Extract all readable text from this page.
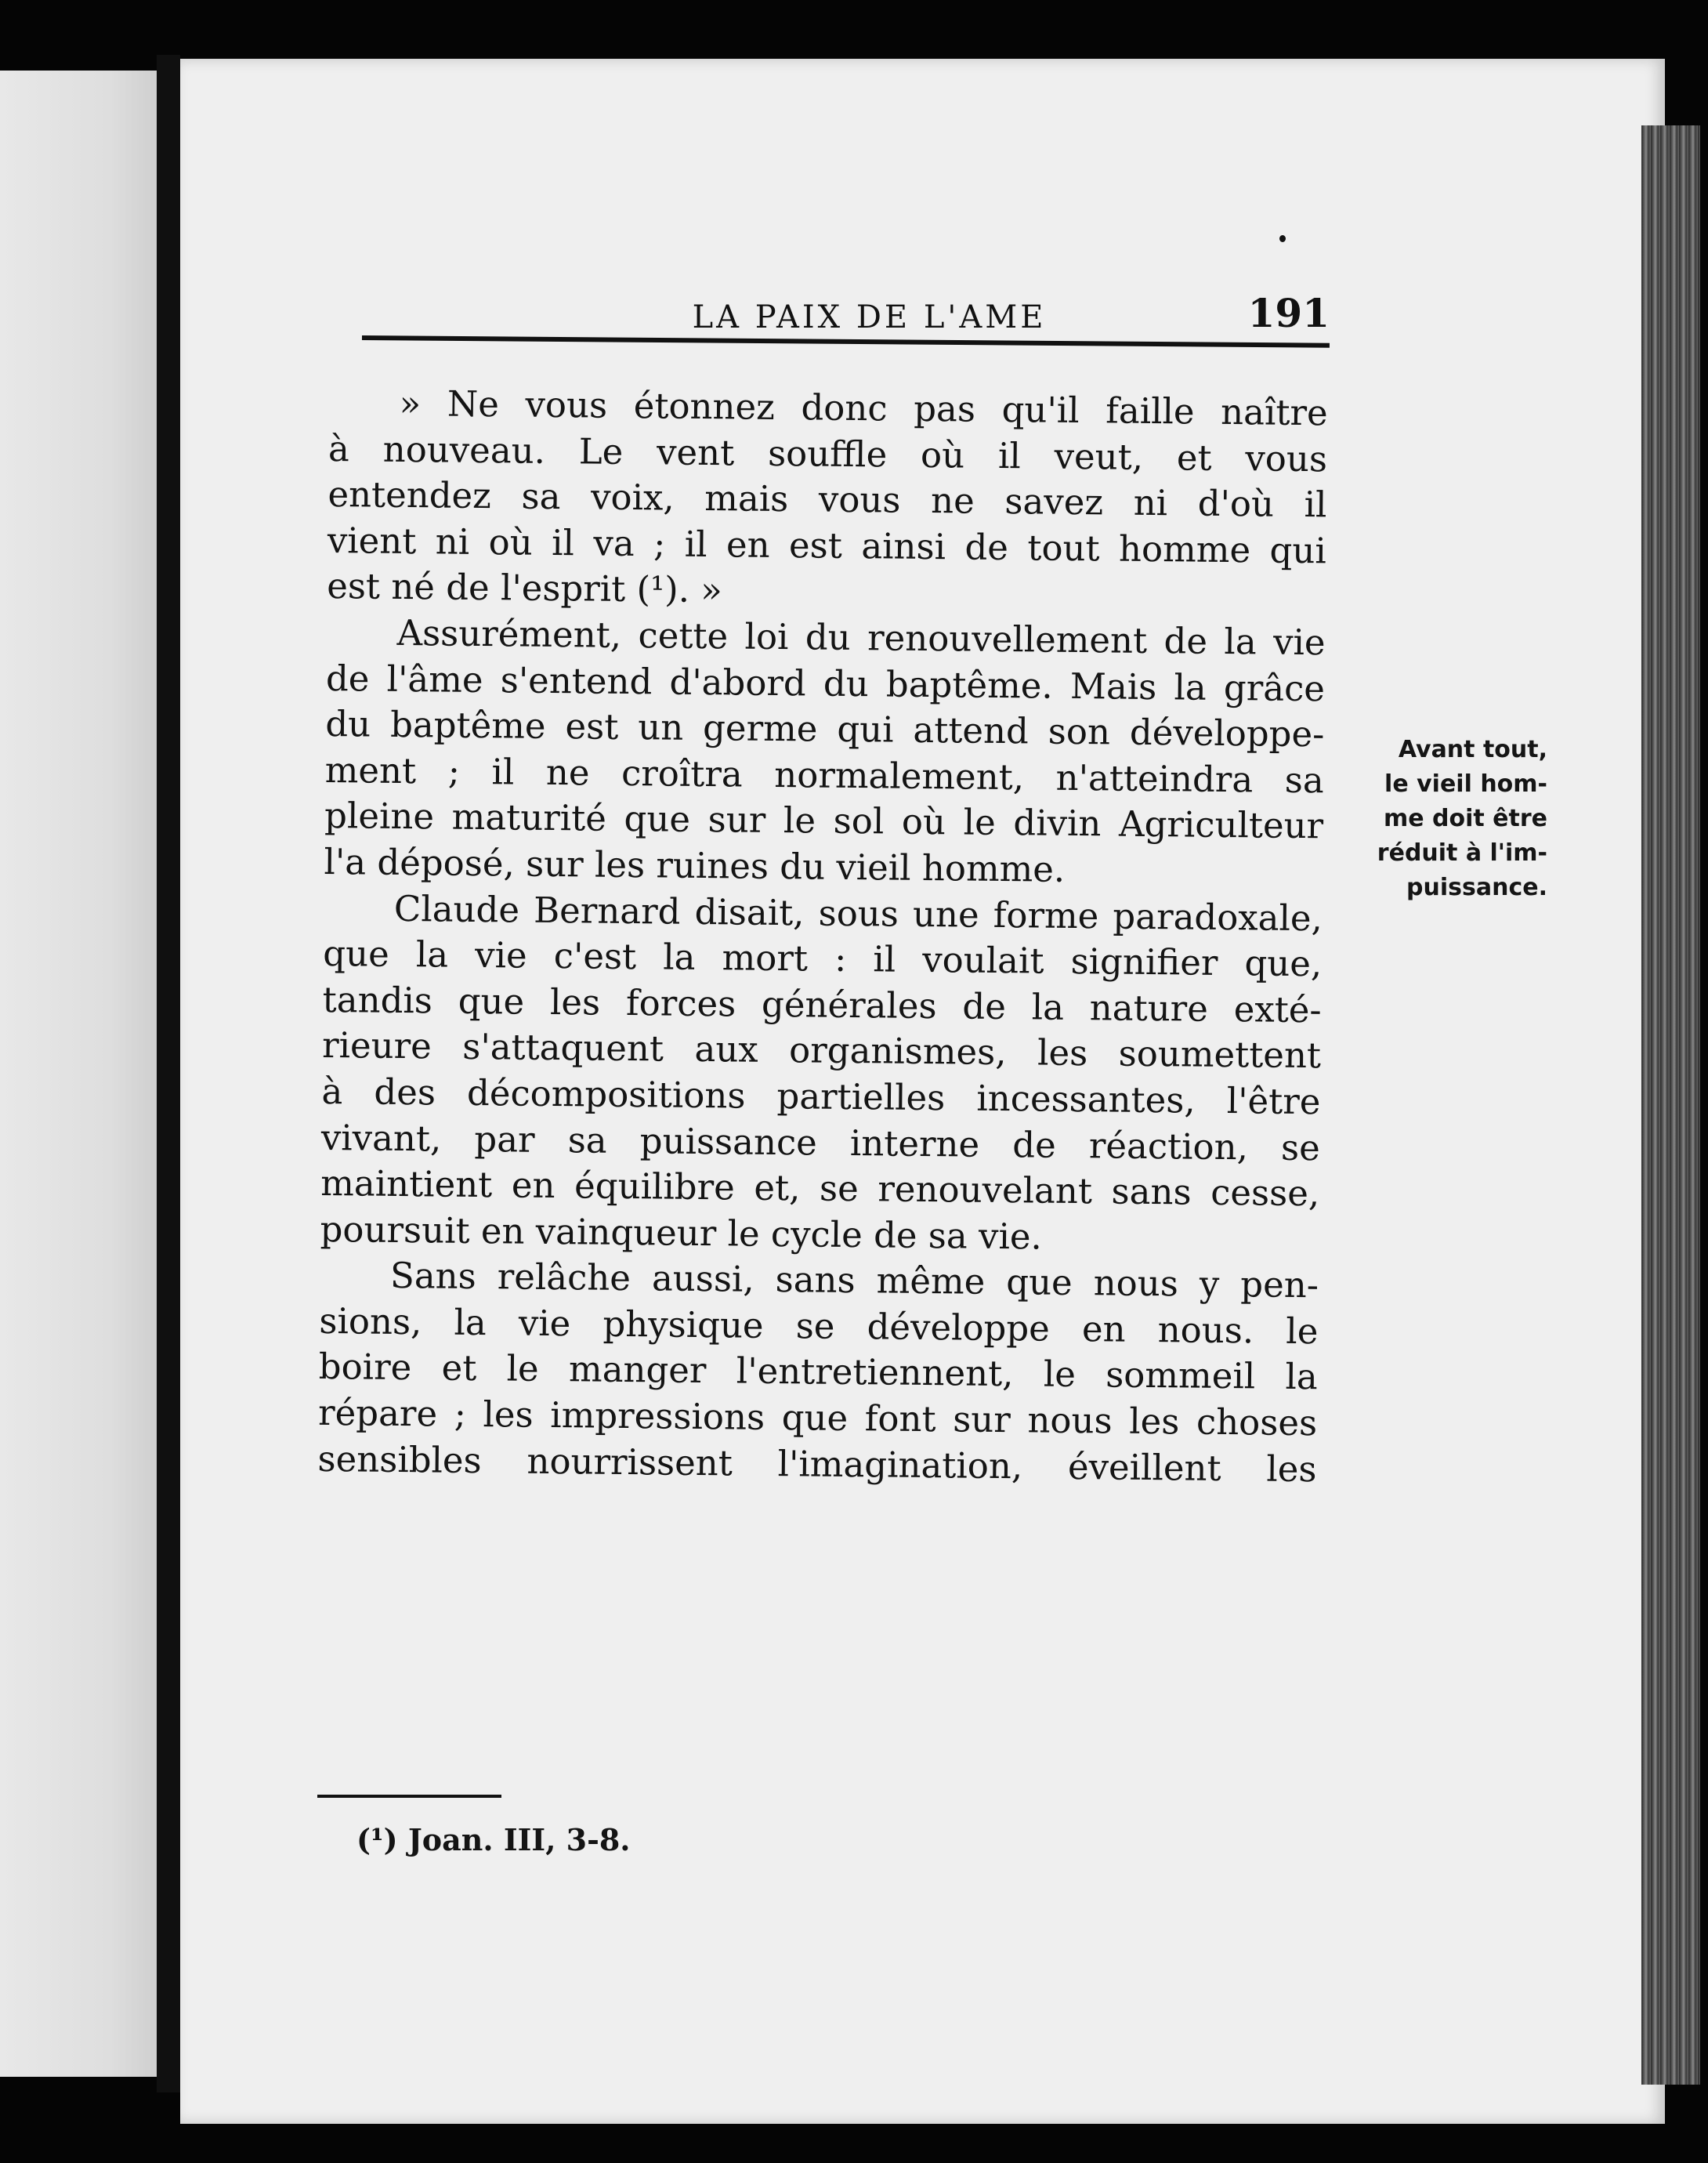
LA PAIX DE L'AME	191
» Ne vous étonnez donc pas qu'il faille naître
à nouveau. Le vent souffle où il veut, et vous
entendez sa voix, mais vous ne savez ni d'où il
vient ni où il va ; il en est ainsi de tout homme qui
est né de l'esprit (¹). »
Assurément, cette loi du renouvellement de la vie
de l'âme s'entend d'abord du baptême. Mais la grâce
du baptême est un germe qui attend son développe-
ment ; il ne croîtra normalement, n'atteindra sa
pleine maturité que sur le sol où le divin Agriculteur
l'a déposé, sur les ruines du vieil homme.
Claude Bernard disait, sous une forme paradoxale,
que la vie c'est la mort : il voulait signifier que,
tandis que les forces générales de la nature exté-
rieure s'attaquent aux organismes, les soumettent
à des décompositions partielles incessantes, l'être
vivant, par sa puissance interne de réaction, se
maintient en équilibre et, se renouvelant sans cesse,
poursuit en vainqueur le cycle de sa vie.
Sans relâche aussi, sans même que nous y pen-
sions, la vie physique se développe en nous. le
boire et le manger l'entretiennent, le sommeil la
répare ; les impressions que font sur nous les choses
sensibles nourrissent l'imagination, éveillent les
Avant tout,
le vieil hom-
me doit être
réduit à l'im-
puissance.
(¹) Joan. III, 3-8.
